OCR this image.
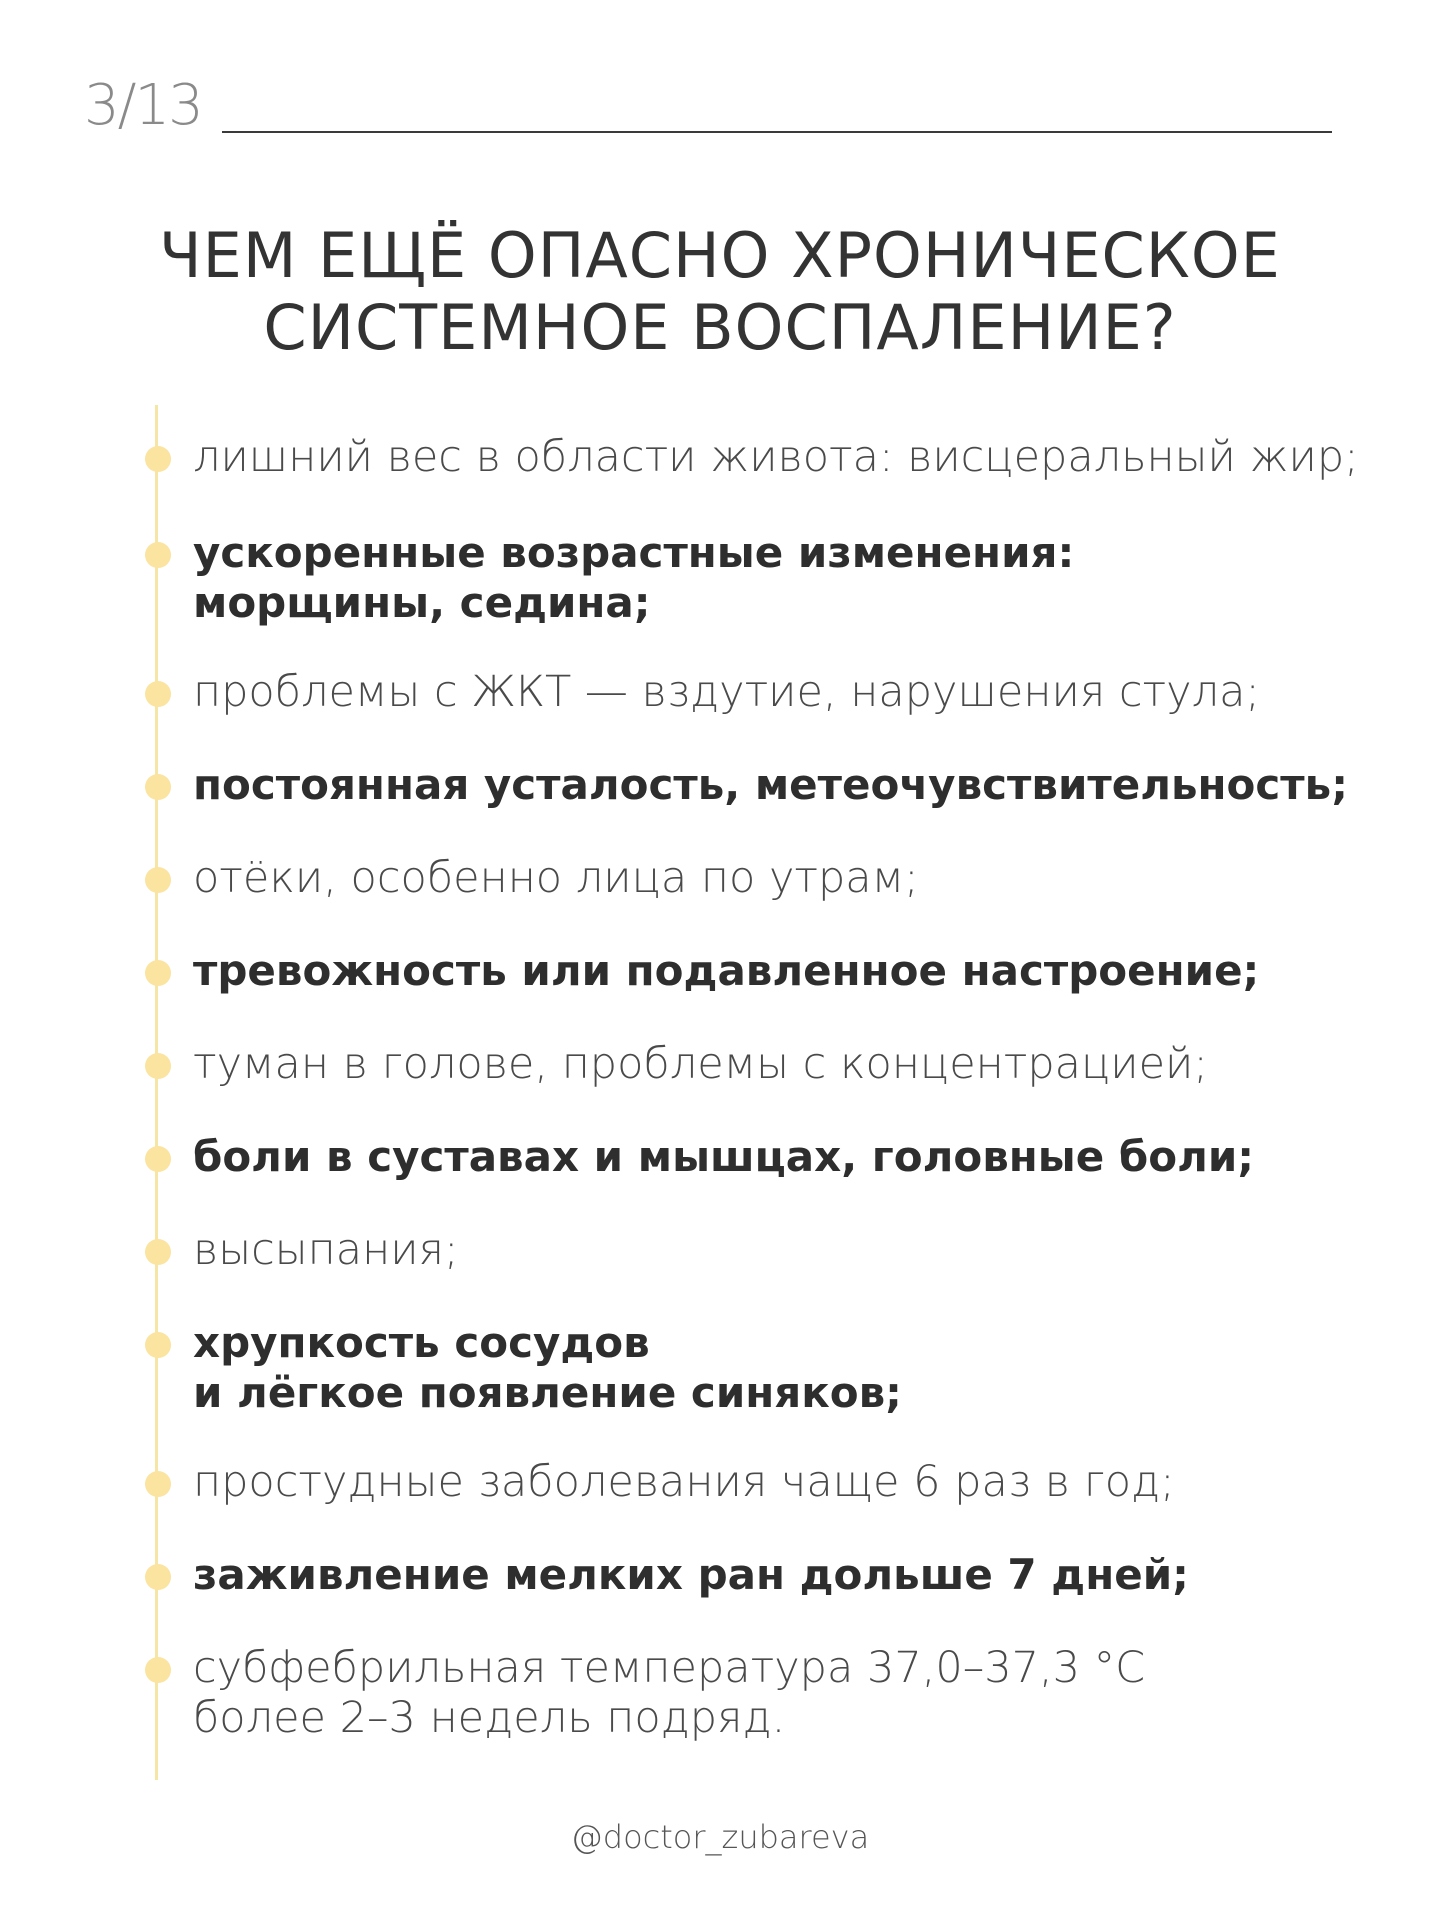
3/13
ЧЕМ ЕЩЁ ОПАСНО ХРОНИЧЕСКОЕ
СИСТЕМНОЕ ВОСПАЛЕНИЕ?
лишний вес в области живота: висцеральный жир;
ускоренные возрастные изменения:
морщины, седина;
проблемы с ЖКТ — вздутие, нарушения стула;
постоянная усталость, метеочувствительность;
отёки, особенно лица по утрам;
тревожность или подавленное настроение;
туман в голове, проблемы с концентрацией;
боли в суставах и мышцах, головные боли;
высыпания;
хрупкость сосудов
и лёгкое появление синяков;
простудные заболевания чаще 6 раз в год;
заживление мелких ран дольше 7 дней;
субфебрильная температура 37,0–37,3 °С
более 2–3 недель подряд.
@doctor_zubareva
